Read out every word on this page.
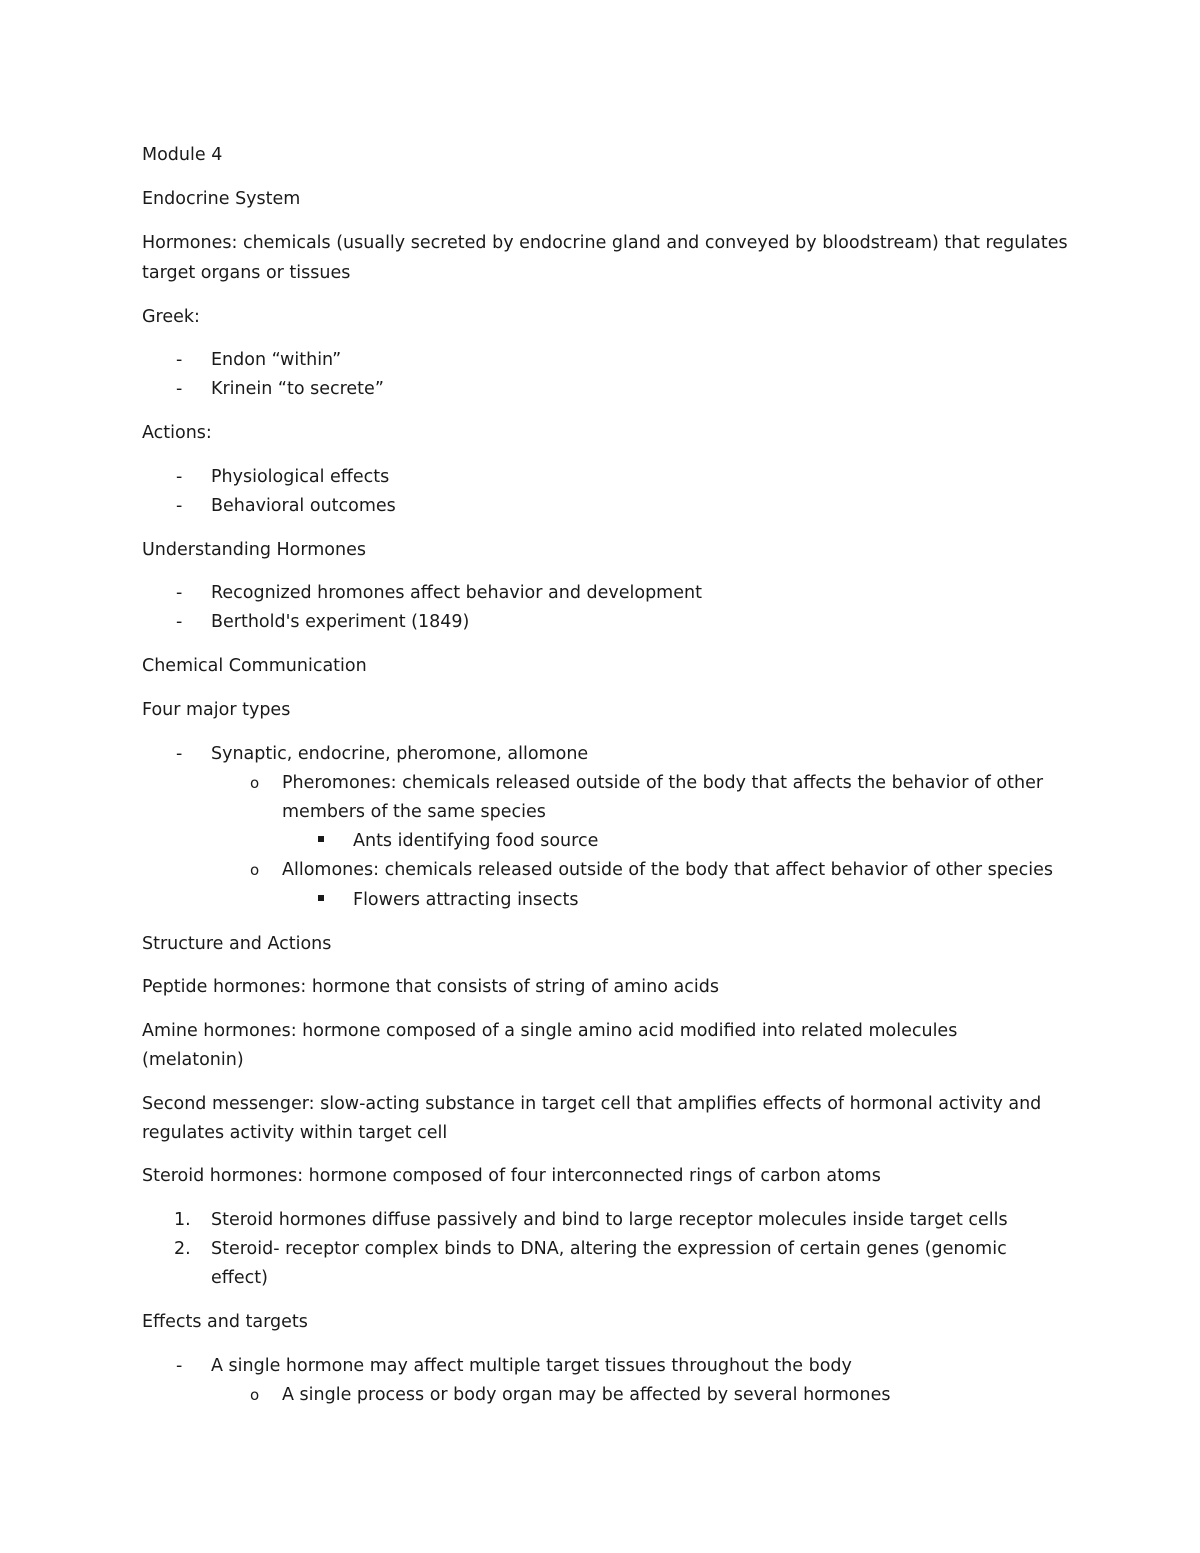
Module 4
Endocrine System
Hormones: chemicals (usually secreted by endocrine gland and conveyed by bloodstream) that regulates
target organs or tissues
Greek:
- Endon “within”
- Krinein “to secrete”
Actions:
- Physiological effects
- Behavioral outcomes
Understanding Hormones
- Recognized hromones affect behavior and development
- Berthold's experiment (1849)
Chemical Communication
Four major types
- Synaptic, endocrine, pheromone, allomone
o Pheromones: chemicals released outside of the body that affects the behavior of other
members of the same species
Ants identifying food source
o Allomones: chemicals released outside of the body that affect behavior of other species
Flowers attracting insects
Structure and Actions
Peptide hormones: hormone that consists of string of amino acids
Amine hormones: hormone composed of a single amino acid modified into related molecules
(melatonin)
Second messenger: slow-acting substance in target cell that amplifies effects of hormonal activity and
regulates activity within target cell
Steroid hormones: hormone composed of four interconnected rings of carbon atoms
1. Steroid hormones diffuse passively and bind to large receptor molecules inside target cells
2. Steroid- receptor complex binds to DNA, altering the expression of certain genes (genomic
effect)
Effects and targets
- A single hormone may affect multiple target tissues throughout the body
o A single process or body organ may be affected by several hormones
